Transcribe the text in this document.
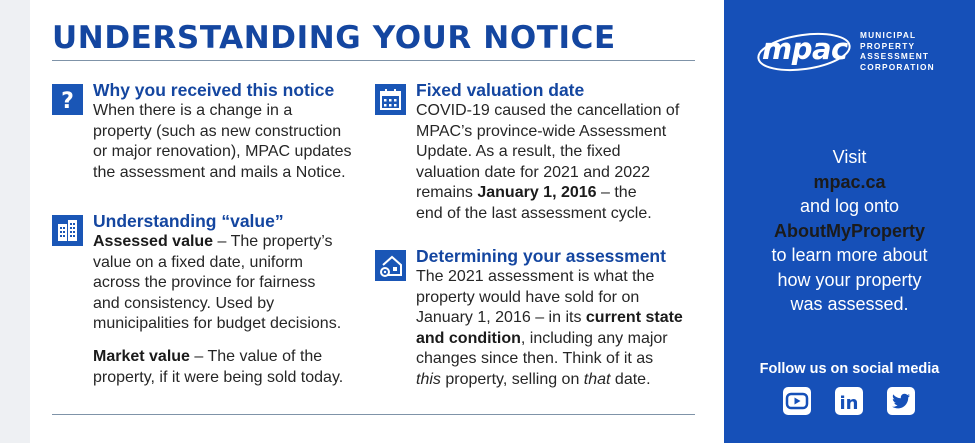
UNDERSTANDING YOUR NOTICE
? Why you received this notice

When there is a change in a
property (such as new construction
or major renovation), MPAC updates
the assessment and mails a Notice.

Understanding “value”

Assessed value – The property’s
value on a fixed date, uniform
across the province for fairness
and consistency. Used by
municipalities for budget decisions.

Market value – The value of the
property, if it were being sold today.

Fixed valuation date

COVID-19 caused the cancellation of
MPAC’s province-wide Assessment
Update. As a result, the fixed
valuation date for 2021 and 2022
remains January 1, 2016 – the
end of the last assessment cycle.

Determining your assessment

The 2021 assessment is what the
property would have sold for on
January 1, 2016 – in its current state
and condition, including any major
changes since then. Think of it as
this property, selling on that date.

mpac MUNICIPAL
PROPERTY
ASSESSMENT
CORPORATION
Visit
mpac.ca
and log onto
AboutMyProperty
to learn more about
how your property
was assessed.
Follow us on social media
in
